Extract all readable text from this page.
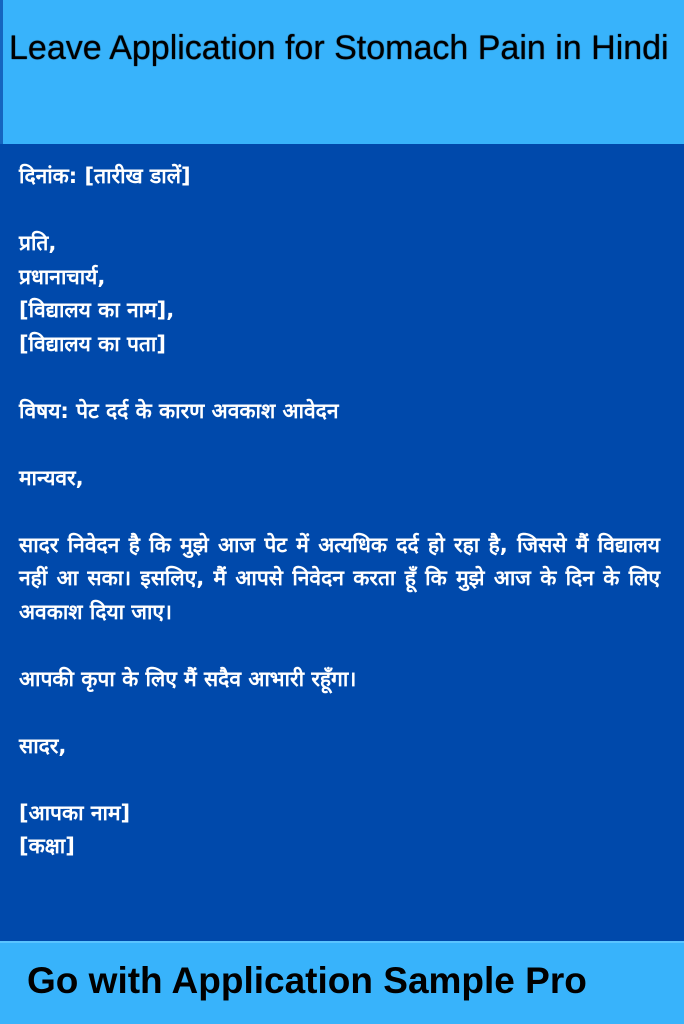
Leave Application for Stomach Pain in Hindi

दिनांक: [तारीख डालें]

प्रति,

प्रधानाचार्य,

[विद्यालय का नाम],

[विद्यालय का पता]

विषय: पेट दर्द के कारण अवकाश आवेदन

मान्यवर,

सादर निवेदन है कि मुझे आज पेट में अत्यधिक दर्द हो रहा है, जिससे मैं विद्यालय नहीं आ सका। इसलिए, मैं आपसे निवेदन करता हूँ कि मुझे आज के दिन के लिए अवकाश दिया जाए।

आपकी कृपा के लिए मैं सदैव आभारी रहूँगा।

सादर,

[आपका नाम]

[कक्षा]

Go with Application Sample Pro
